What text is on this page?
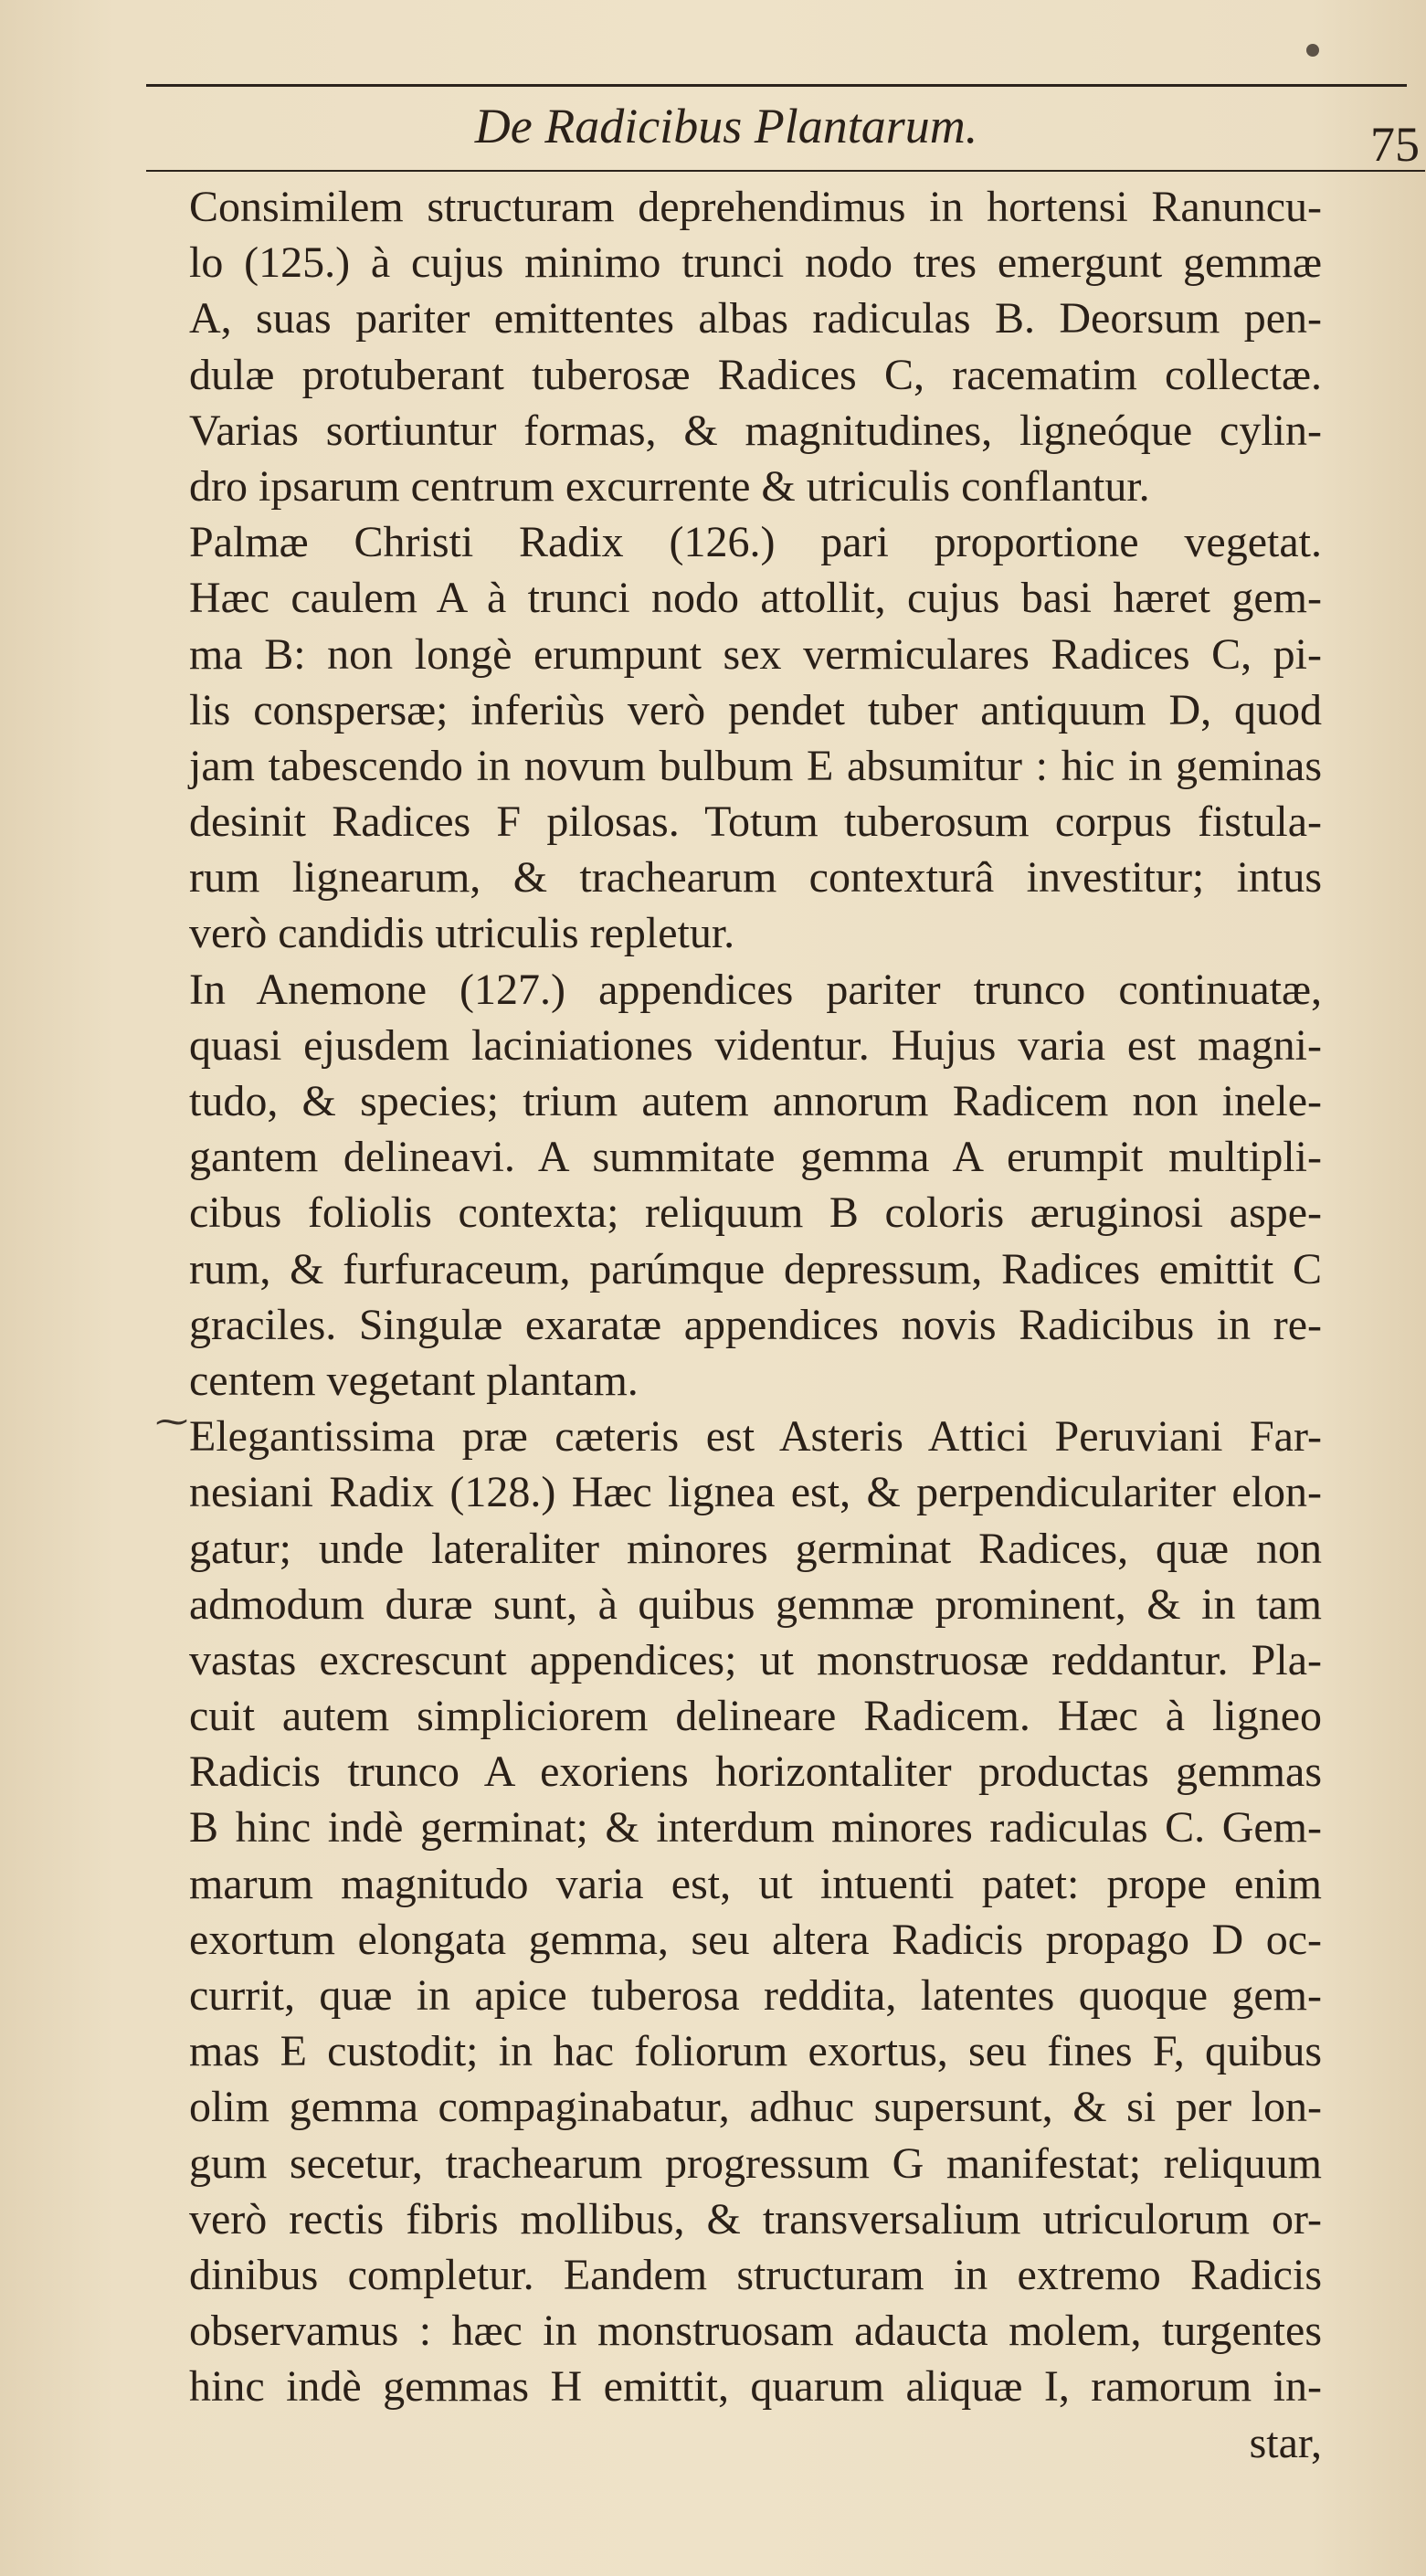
De Radicibus Plantarum.	75
⁓
Consimilem structuram deprehendimus in hortensi Ranuncu-
lo (125.) à cujus minimo trunci nodo tres emergunt gemmæ
A, suas pariter emittentes albas radiculas B. Deorsum pen-
dulæ protuberant tuberosæ Radices C, racematim collectæ.
Varias sortiuntur formas, & magnitudines, ligneóque cylin-
dro ipsarum centrum excurrente & utriculis conflantur.
Palmæ Christi Radix (126.) pari proportione vegetat.
Hæc caulem A à trunci nodo attollit, cujus basi hæret gem-
ma B: non longè erumpunt sex vermiculares Radices C, pi-
lis conspersæ; inferiùs verò pendet tuber antiquum D, quod
jam tabescendo in novum bulbum E absumitur : hic in geminas
desinit Radices F pilosas. Totum tuberosum corpus fistula-
rum lignearum, & trachearum contexturâ investitur; intus
verò candidis utriculis repletur.
In Anemone (127.) appendices pariter trunco continuatæ,
quasi ejusdem laciniationes videntur. Hujus varia est magni-
tudo, & species; trium autem annorum Radicem non inele-
gantem delineavi. A summitate gemma A erumpit multipli-
cibus foliolis contexta; reliquum B coloris æruginosi aspe-
rum, & furfuraceum, parúmque depressum, Radices emittit C
graciles. Singulæ exaratæ appendices novis Radicibus in re-
centem vegetant plantam.
Elegantissima præ cæteris est Asteris Attici Peruviani Far-
nesiani Radix (128.) Hæc lignea est, & perpendiculariter elon-
gatur; unde lateraliter minores germinat Radices, quæ non
admodum duræ sunt, à quibus gemmæ prominent, & in tam
vastas excrescunt appendices; ut monstruosæ reddantur. Pla-
cuit autem simpliciorem delineare Radicem. Hæc à ligneo
Radicis trunco A exoriens horizontaliter productas gemmas
B hinc indè germinat; & interdum minores radiculas C. Gem-
marum magnitudo varia est, ut intuenti patet: prope enim
exortum elongata gemma, seu altera Radicis propago D oc-
currit, quæ in apice tuberosa reddita, latentes quoque gem-
mas E custodit; in hac foliorum exortus, seu fines F, quibus
olim gemma compaginabatur, adhuc supersunt, & si per lon-
gum secetur, trachearum progressum G manifestat; reliquum
verò rectis fibris mollibus, & transversalium utriculorum or-
dinibus completur. Eandem structuram in extremo Radicis
observamus : hæc in monstruosam adaucta molem, turgentes
hinc indè gemmas H emittit, quarum aliquæ I, ramorum in-
star,
